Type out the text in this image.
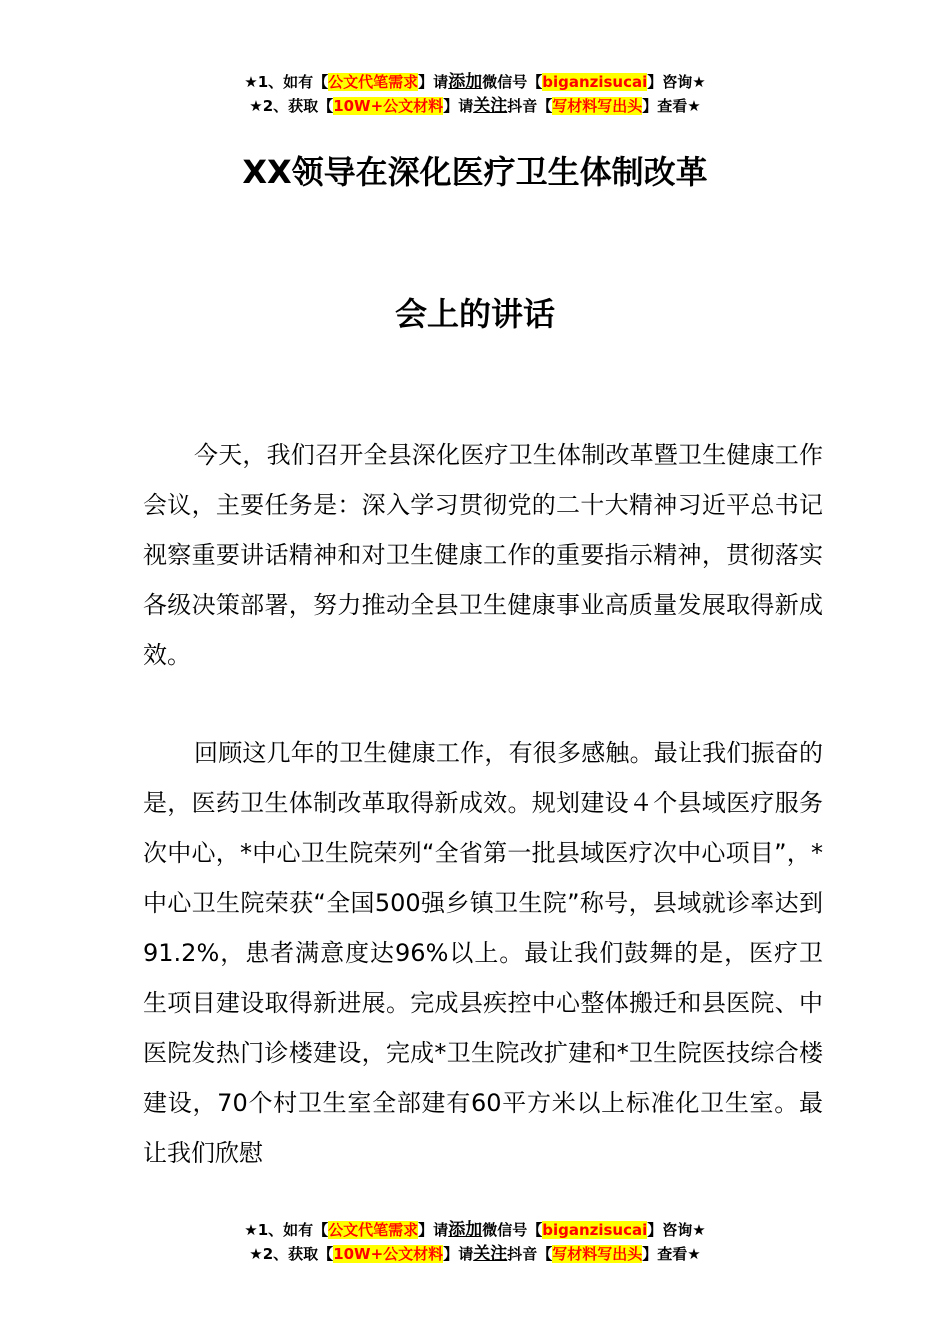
★1、如有【公文代笔需求】请添加微信号【biganzisucai】咨询★
★2、获取【10W+公文材料】请关注抖音【写材料写出头】查看★
XX领导在深化医疗卫生体制改革
会上的讲话

今天，我们召开全县深化医疗卫生体制改革暨卫生健康工作会议，主要任务是：深入学习贯彻党的二十大精神习近平总书记视察重要讲话精神和对卫生健康工作的重要指示精神，贯彻落实各级决策部署，努力推动全县卫生健康事业高质量发展取得新成效。

回顾这几年的卫生健康工作，有很多感触。最让我们振奋的是，医药卫生体制改革取得新成效。规划建设４个县域医疗服务次中心，*中心卫生院荣列“全省第一批县域医疗次中心项目”，*中心卫生院荣获“全国500强乡镇卫生院”称号，县域就诊率达到91.2%，患者满意度达96%以上。最让我们鼓舞的是，医疗卫生项目建设取得新进展。完成县疾控中心整体搬迁和县医院、中医院发热门诊楼建设，完成*卫生院改扩建和*卫生院医技综合楼建设，70个村卫生室全部建有60平方米以上标准化卫生室。最让我们欣慰

★1、如有【公文代笔需求】请添加微信号【biganzisucai】咨询★
★2、获取【10W+公文材料】请关注抖音【写材料写出头】查看★
